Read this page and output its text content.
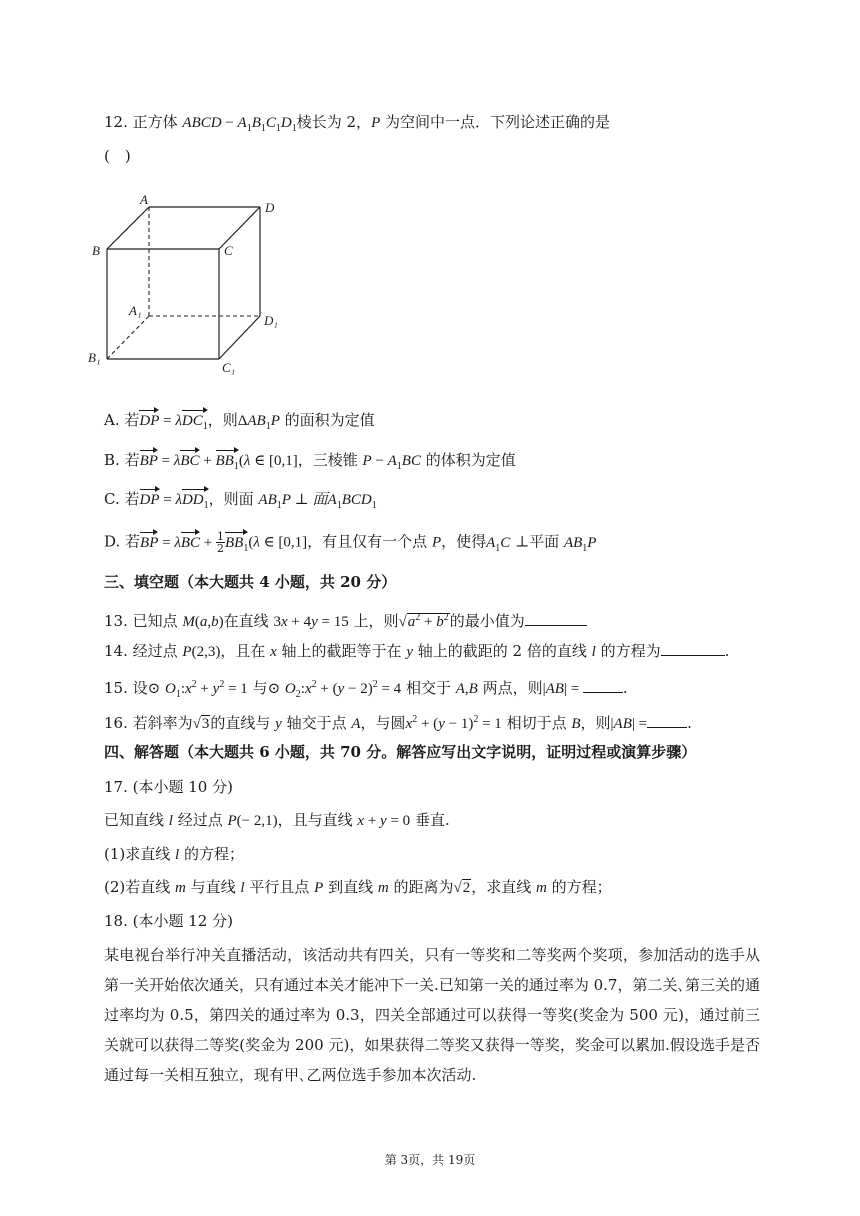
12. 正方体 ABCD − $A_1B_1C_1D_1$棱长为 2，P 为空间中一点．下列论述正确的是
(　)
A
D
B	C
A₁
D₁
B₁
C₁
A. 若DP = λDC$_1$，则$\Delta AB_1P$ 的面积为定值
B. 若BP = $\lambda BC + BB_1(\lambda$ ∈ [0,1]，三棱锥 $P - A_1BC$ 的体积为定值
C. 若DP = λDD$_1$，则面 $AB_1P$ ⊥ 面$A_1BCD_1$
D. 若BP = $\lambda BC + \frac{1}{2} BB_1(\lambda$ ∈ [0,1]，有且仅有一个点 P，使得$A_1C$ ⊥平面 $AB_1P$
三、填空题（本大题共 4 小题，共 20 分）
13. 已知点 M(a,b)在直线 3x + 4y = 15 上，则$√a^2 + b^2$的最小值为
14. 经过点 P(2,3)，且在 x 轴上的截距等于在 y 轴上的截距的 2 倍的直线 l 的方程为	.
15. 设⊙ $O_1:x^2 + y^2 = 1$ 与⊙ $O_2:x^2 + (y - 2)^2 = 4$ 相交于 A,B 两点，则|AB| =	.
16. 若斜率为√3的直线与 y 轴交于点 A，与圆$x^2 + (y - 1)^2 = 1$ 相切于点 B，则|AB| =	.
四、解答题（本大题共 6 小题，共 70 分。解答应写出文字说明，证明过程或演算步骤）
17. (本小题 10 分)
已知直线 l 经过点 P(− 2,1)，且与直线 x + y = 0 垂直.
(1)求直线 l 的方程；
(2)若直线 m 与直线 l 平行且点 P 到直线 m 的距离为√2，求直线 m 的方程；
18. (本小题 12 分)
某电视台举行冲关直播活动，该活动共有四关，只有一等奖和二等奖两个奖项，参加活动的选手从第一关开始依次通关，只有通过本关才能冲下一关.已知第一关的通过率为 0.7，第二关､第三关的通过率均为 0.5，第四关的通过率为 0.3，四关全部通过可以获得一等奖(奖金为 500 元)，通过前三关就可以获得二等奖(奖金为 200 元)，如果获得二等奖又获得一等奖，奖金可以累加.假设选手是否通过每一关相互独立，现有甲､乙两位选手参加本次活动.
第 3页，共 19页
